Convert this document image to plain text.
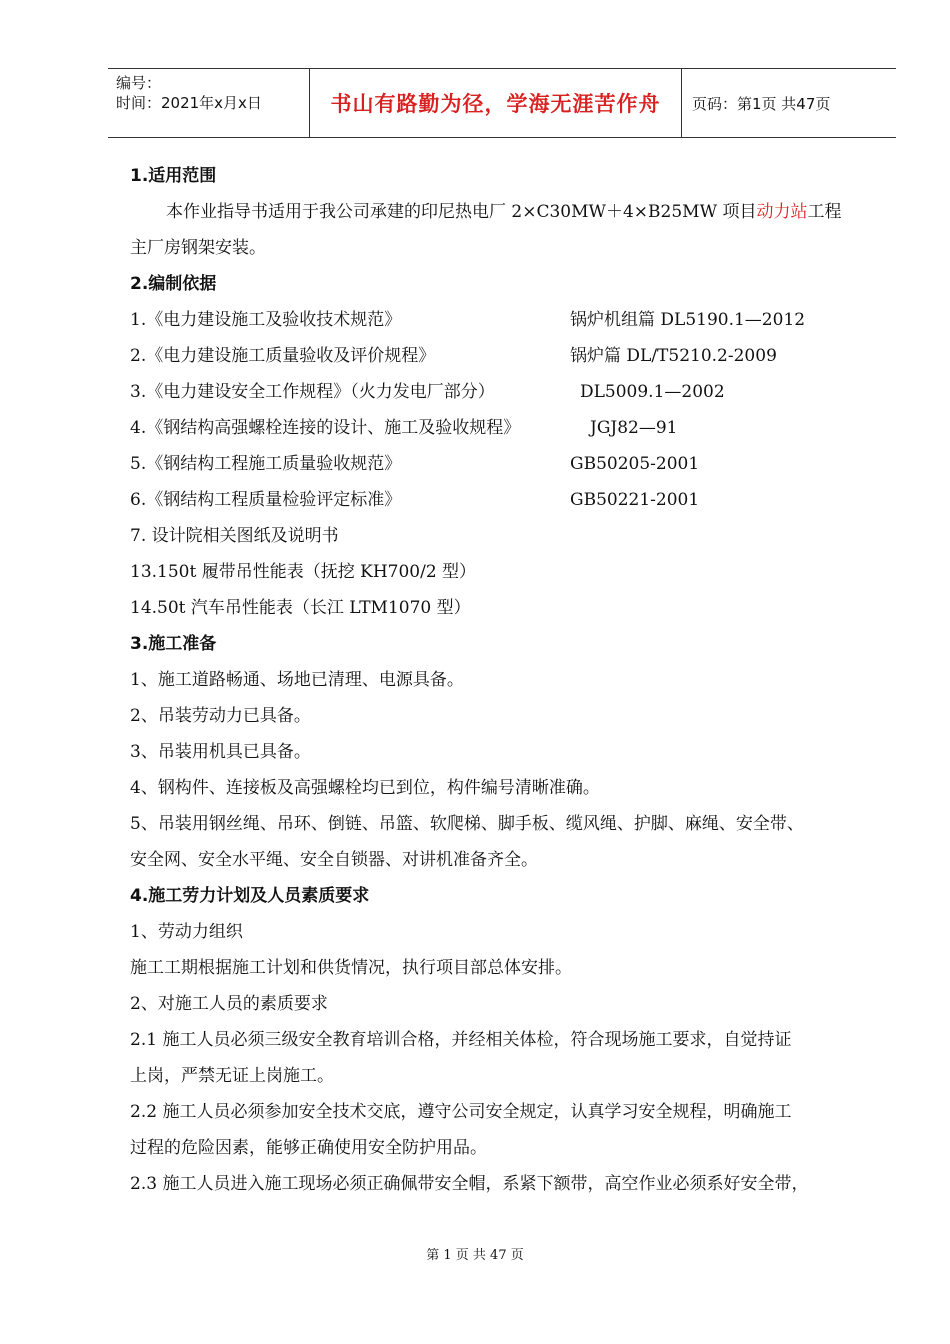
编号：
时间：2021年x月x日	书山有路勤为径，学海无涯苦作舟	页码：第1页 共47页
1.适用范围
本作业指导书适用于我公司承建的印尼热电厂 2×C30MW＋4×B25MW 项目动力站工程
主厂房钢架安装。
2.编制依据
1.《电力建设施工及验收技术规范》	锅炉机组篇 DL5190.1—2012
2.《电力建设施工质量验收及评价规程》	锅炉篇 DL/T5210.2-2009
3.《电力建设安全工作规程》（火力发电厂部分）	DL5009.1—2002
4.《钢结构高强螺栓连接的设计、施工及验收规程》	JGJ82—91
5.《钢结构工程施工质量验收规范》	GB50205-2001
6.《钢结构工程质量检验评定标准》	GB50221-2001
7. 设计院相关图纸及说明书
13.150t 履带吊性能表（抚挖 KH700/2 型）
14.50t 汽车吊性能表（长江 LTM1070 型）
3.施工准备
1、施工道路畅通、场地已清理、电源具备。
2、吊装劳动力已具备。
3、吊装用机具已具备。
4、钢构件、连接板及高强螺栓均已到位，构件编号清晰准确。
5、吊装用钢丝绳、吊环、倒链、吊篮、软爬梯、脚手板、缆风绳、护脚、麻绳、安全带、
安全网、安全水平绳、安全自锁器、对讲机准备齐全。
4.施工劳力计划及人员素质要求
1、劳动力组织
施工工期根据施工计划和供货情况，执行项目部总体安排。
2、对施工人员的素质要求
2.1 施工人员必须三级安全教育培训合格，并经相关体检，符合现场施工要求，自觉持证
上岗，严禁无证上岗施工。
2.2 施工人员必须参加安全技术交底，遵守公司安全规定，认真学习安全规程，明确施工
过程的危险因素，能够正确使用安全防护用品。
2.3 施工人员进入施工现场必须正确佩带安全帽，系紧下额带，高空作业必须系好安全带，
第 1 页 共 47 页
